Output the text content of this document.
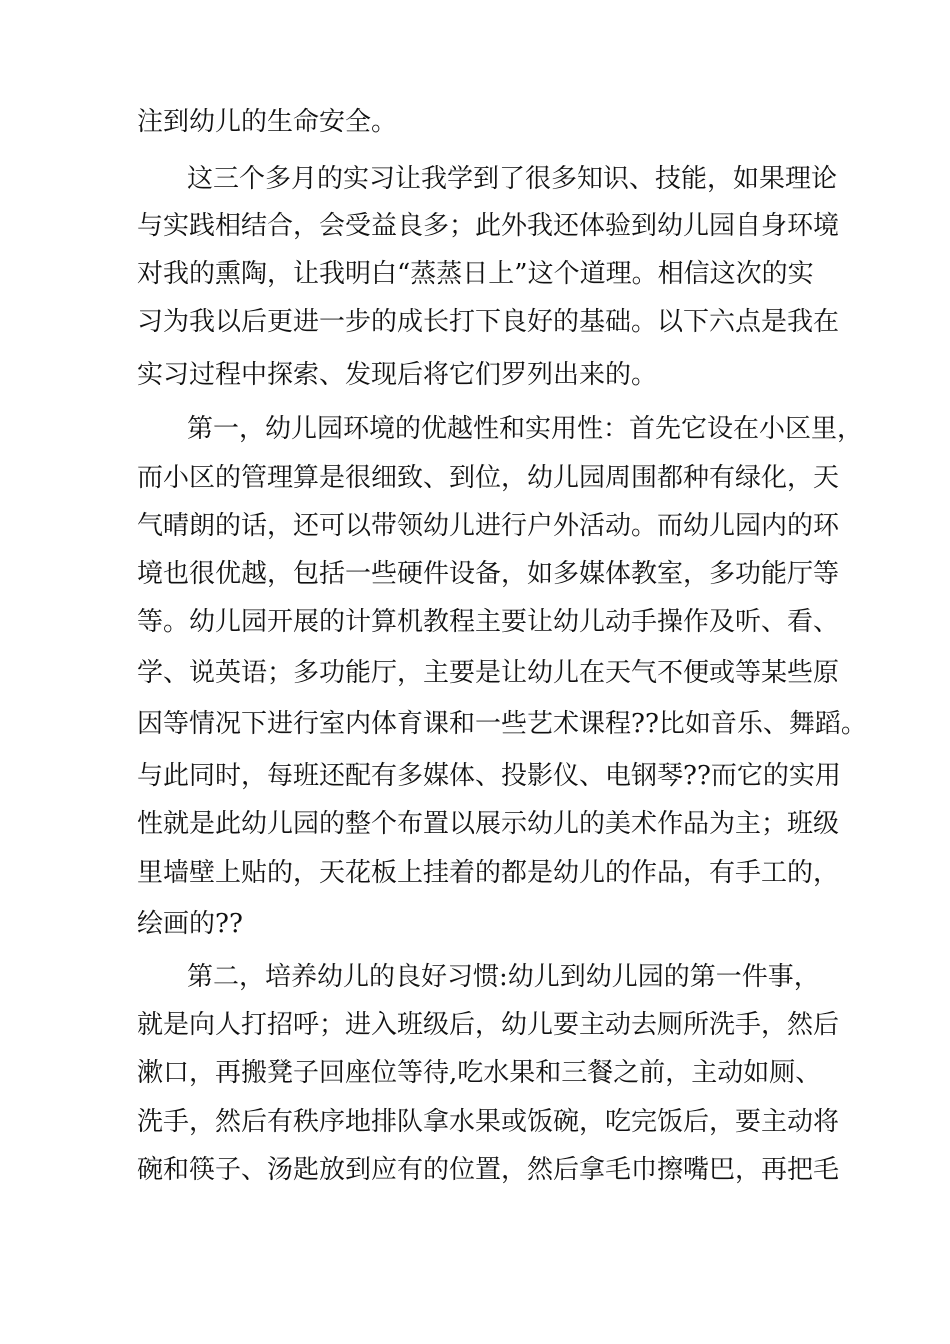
注到幼儿的生命安全。
这三个多月的实习让我学到了很多知识、技能，如果理论
与实践相结合，会受益良多；此外我还体验到幼儿园自身环境
对我的熏陶，让我明白“蒸蒸日上”这个道理。相信这次的实
习为我以后更进一步的成长打下良好的基础。以下六点是我在
实习过程中探索、发现后将它们罗列出来的。
第一，幼儿园环境的优越性和实用性：首先它设在小区里，
而小区的管理算是很细致、到位，幼儿园周围都种有绿化，天
气晴朗的话，还可以带领幼儿进行户外活动。而幼儿园内的环
境也很优越，包括一些硬件设备，如多媒体教室，多功能厅等
等。幼儿园开展的计算机教程主要让幼儿动手操作及听、看、
学、说英语；多功能厅，主要是让幼儿在天气不便或等某些原
因等情况下进行室内体育课和一些艺术课程??比如音乐、舞蹈。
与此同时，每班还配有多媒体、投影仪、电钢琴??而它的实用
性就是此幼儿园的整个布置以展示幼儿的美术作品为主；班级
里墙壁上贴的，天花板上挂着的都是幼儿的作品，有手工的，
绘画的??
第二，培养幼儿的良好习惯:幼儿到幼儿园的第一件事，
就是向人打招呼；进入班级后，幼儿要主动去厕所洗手，然后
漱口，再搬凳子回座位等待,吃水果和三餐之前，主动如厕、
洗手，然后有秩序地排队拿水果或饭碗，吃完饭后，要主动将
碗和筷子、汤匙放到应有的位置，然后拿毛巾擦嘴巴，再把毛
